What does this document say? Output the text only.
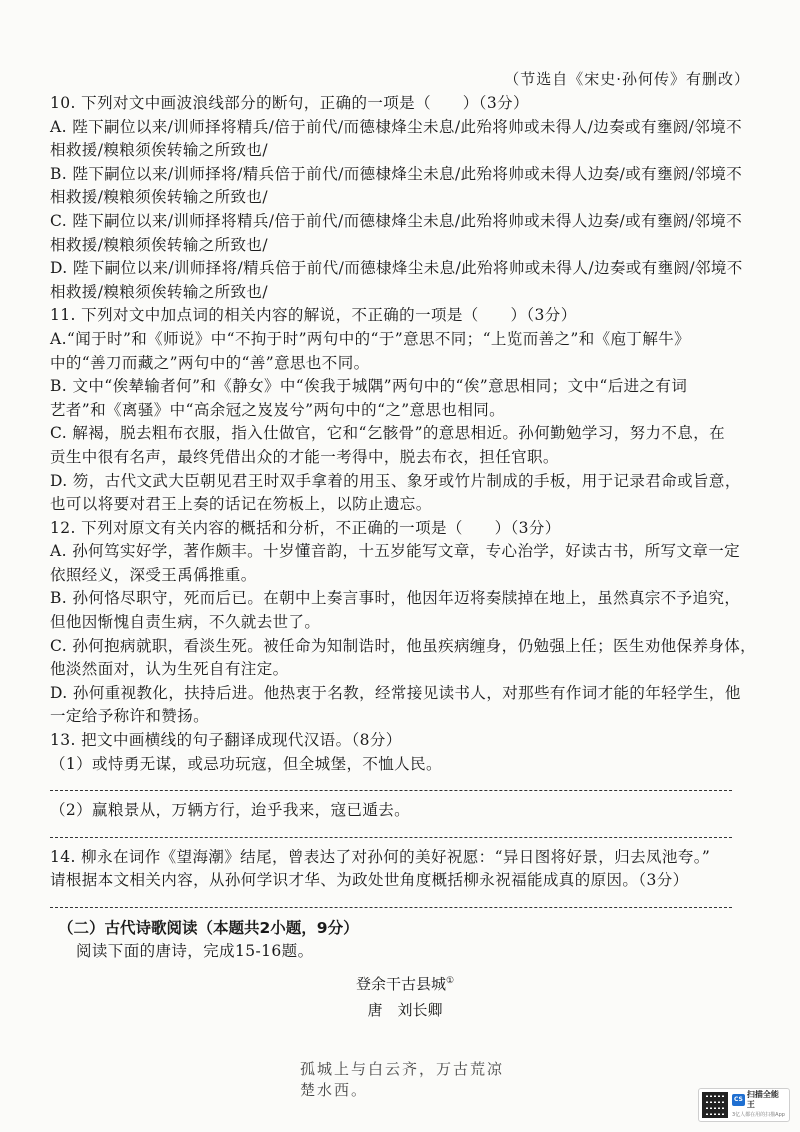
（节选自《宋史·孙何传》有删改）
10. 下列对文中画波浪线部分的断句，正确的一项是（　　）（3分）
A. 陛下嗣位以来/训师择将精兵/倍于前代/而德棣烽尘未息/此殆将帅或未得人/边奏或有壅阏/邻境不
相救援/糗粮须俟转输之所致也/
B. 陛下嗣位以来/训师择将/精兵倍于前代/而德棣烽尘未息/此殆将帅或未得人边奏/或有壅阏/邻境不
相救援/糗粮须俟转输之所致也/
C. 陛下嗣位以来/训师择将精兵/倍于前代/而德棣烽尘未息/此殆将帅或未得人边奏/或有壅阏/邻境不
相救援/糗粮须俟转输之所致也/
D. 陛下嗣位以来/训师择将/精兵倍于前代/而德棣烽尘未息/此殆将帅或未得人/边奏或有壅阏/邻境不
相救援/糗粮须俟转输之所致也/
11. 下列对文中加点词的相关内容的解说，不正确的一项是（　　）（3分）
A.“闻于时”和《师说》中“不拘于时”两句中的“于”意思不同；“上览而善之”和《庖丁解牛》
中的“善刀而藏之”两句中的“善”意思也不同。
B. 文中“俟辇输者何”和《静女》中“俟我于城隅”两句中的“俟”意思相同；文中“后进之有词
艺者”和《离骚》中“高余冠之岌岌兮”两句中的“之”意思也相同。
C. 解褐，脱去粗布衣服，指入仕做官，它和“乞骸骨”的意思相近。孙何勤勉学习，努力不息，在
贡生中很有名声，最终凭借出众的才能一考得中，脱去布衣，担任官职。
D. 笏，古代文武大臣朝见君王时双手拿着的用玉、象牙或竹片制成的手板，用于记录君命或旨意，
也可以将要对君王上奏的话记在笏板上，以防止遗忘。
12. 下列对原文有关内容的概括和分析，不正确的一项是（　　）（3分）
A. 孙何笃实好学，著作颇丰。十岁懂音韵，十五岁能写文章，专心治学，好读古书，所写文章一定
依照经义，深受王禹偁推重。
B. 孙何恪尽职守，死而后已。在朝中上奏言事时，他因年迈将奏牍掉在地上，虽然真宗不予追究，
但他因惭愧自责生病，不久就去世了。
C. 孙何抱病就职，看淡生死。被任命为知制诰时，他虽疾病缠身，仍勉强上任；医生劝他保养身体，
他淡然面对，认为生死自有注定。
D. 孙何重视教化，扶持后进。他热衷于名教，经常接见读书人，对那些有作词才能的年轻学生，他
一定给予称许和赞扬。
13. 把文中画横线的句子翻译成现代汉语。（8分）
（1）或恃勇无谋，或忌功玩寇，但全城堡，不恤人民。
（2）赢粮景从，万辆方行，迨乎我来，寇已遁去。
14. 柳永在词作《望海潮》结尾，曾表达了对孙何的美好祝愿：“异日图将好景，归去凤池夸。”
请根据本文相关内容，从孙何学识才华、为政处世角度概括柳永祝福能成真的原因。（3分）
（二）古代诗歌阅读（本题共2小题，9分）
阅读下面的唐诗，完成15-16题。
登余干古县城①
唐　刘长卿
孤城上与白云齐，万古荒凉楚水西。
CS
扫描全能王
3亿人都在用的扫描App
